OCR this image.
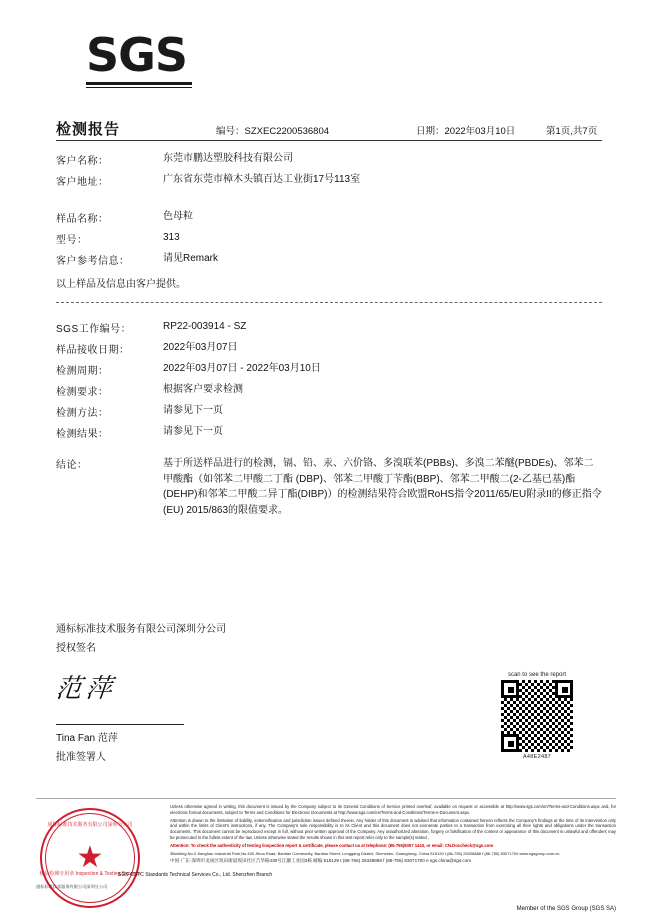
SGS
检测报告	编号：SZXEC2200536804	日期：2022年03月10日	第1页,共7页
客户名称：	东莞市鹏达塑胶科技有限公司
客户地址：	广东省东莞市樟木头镇百达工业街17号113室
样品名称：	色母粒
型号：	313
客户参考信息：	请见Remark
以上样品及信息由客户提供。
SGS工作编号：	RP22-003914 - SZ
样品接收日期：	2022年03月07日
检测周期：	2022年03月07日 - 2022年03月10日
检测要求：	根据客户要求检测
检测方法：	请参见下一页
检测结果：	请参见下一页
结论：	基于所送样品进行的检测，镉、铅、汞、六价铬、多溴联苯(PBBs)、多溴二苯醚(PBDEs)、邻苯二甲酸酯（如邻苯二甲酸二丁酯 (DBP)、邻苯二甲酸丁苄酯(BBP)、邻苯二甲酸二(2-乙基已基)酯(DEHP)和邻苯二甲酸二异丁酯(DIBP)）的检测结果符合欧盟RoHS指令2011/65/EU附录II的修正指令(EU) 2015/863的限值要求。
通标标准技术服务有限公司深圳分公司
授权签名
范萍
Tina Fan 范萍
批准签署人
scan to see the report
A48E2487
通标标准技术服务有限公司深圳分公司
★
检验检测专用章 Inspection & Testing Services
SGS-CSTC Standards Technical Services Co., Ltd. Shenzhen Branch
通标标准技术服务有限公司深圳分公司

Unless otherwise agreed in writing, this document is issued by the Company subject to its General Conditions of Service printed overleaf, available on request or accessible at http://www.sgs.com/en/Terms-and-Conditions.aspx and, for electronic format documents, subject to Terms and Conditions for Electronic Documents at http://www.sgs.com/en/Terms-and-Conditions/Terms-e-Document.aspx.

Attention is drawn to the limitation of liability, indemnification and jurisdiction issues defined therein. Any holder of this document is advised that information contained hereon reflects the Company's findings at the time of its intervention only and within the limits of Client's instructions, if any. The Company's sole responsibility is to its Client and this document does not exonerate parties to a transaction from exercising all their rights and obligations under the transaction documents. This document cannot be reproduced except in full, without prior written approval of the Company. Any unauthorized alteration, forgery or falsification of the content or appearance of this document is unlawful and offenders may be prosecuted to the fullest extent of the law. Unless otherwise stated the results shown in this test report refer only to the sample(s) tested .

Attention: To check the authenticity of testing /inspection report & certificate, please contact us at telephone: (86-755)8307 1443, or email: CN.Doccheck@sgs.com

3Building,No.4 Jianghao Industrial Park,No.430 Jihua Road, Bantian Community, Bantian Street, Longgang District, Shenzhen, Guangdong, China 518129 t (86-755) 25328888 f (86-755) 83071700 www.sgsgroup.com.cn

中国·广东·深圳市龙岗区坂田街道坂田社区吉华路430号江灏工业园3栋 邮编:518129 t (86-755) 25328888 f (86-755) 83071700 e sgs.china@sgs.com

Member of the SGS Group (SGS SA)
